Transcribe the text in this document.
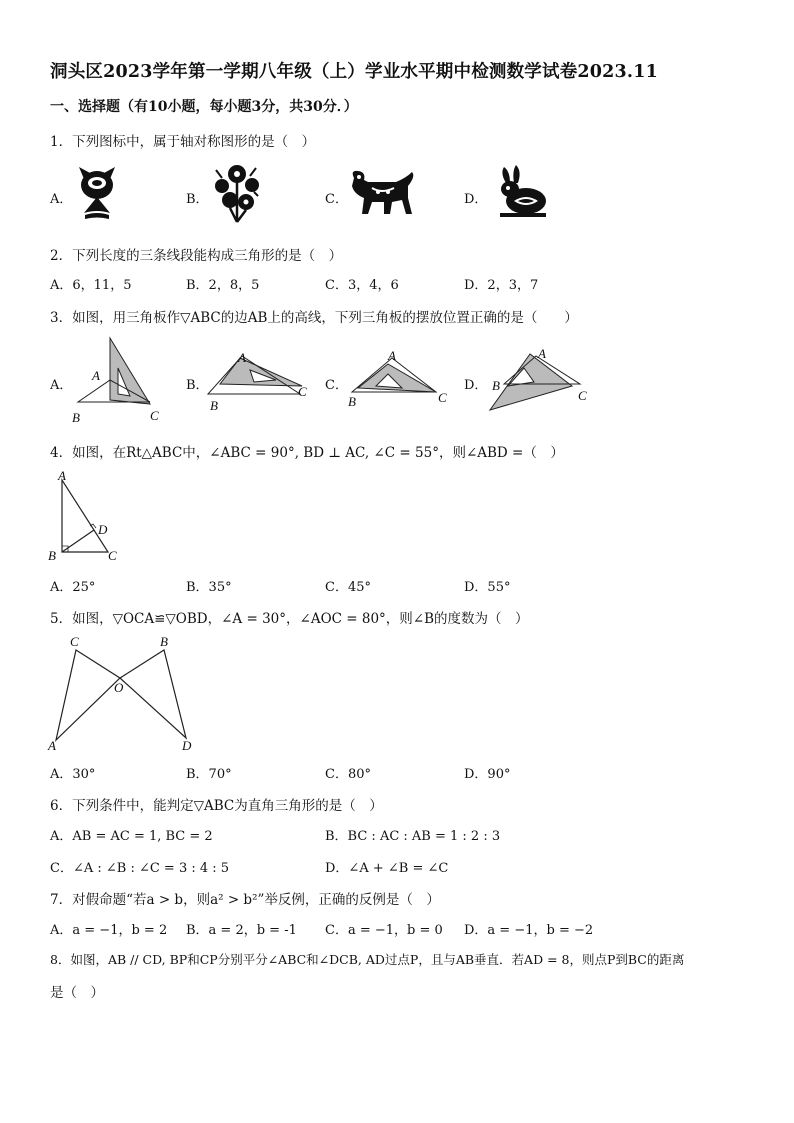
洞头区2023学年第一学期八年级（上）学业水平期中检测数学试卷2023.11
一、选择题（有10小题，每小题3分，共30分．）
1．下列图标中，属于轴对称图形的是（　）
A．	B．	C．	D．
2．下列长度的三条线段能构成三角形的是（　）
A．6，11，5	B．2，8，5	C．3，4，6	D．2，3，7
3．如图，用三角板作▽ABC的边AB上的高线，下列三角板的摆放位置正确的是（　　）
A．	B．	C．	D．
A
B	C
A
B
C
A
B	C
A
B
C
4．如图，在Rt△ABC中，∠ABC = 90°, BD ⊥ AC, ∠C = 55°，则∠ABD =（　）
A
D
B	C
A．25°	B．35°	C．45°	D．55°
5．如图，▽OCA≌▽OBD，∠A = 30°，∠AOC = 80°，则∠B的度数为（　）
C	B
O
A	D
A．30°	B．70°	C．80°	D．90°
6．下列条件中，能判定▽ABC为直角三角形的是（　）
A．AB = AC = 1, BC = 2	B．BC : AC : AB = 1 : 2 : 3
C．∠A : ∠B : ∠C = 3 : 4 : 5	D．∠A + ∠B = ∠C
7．对假命题“若a > b，则a² > b²”举反例，正确的反例是（　）
A．a = −1，b = 2 B．a = 2，b = -1 C．a = −1，b = 0 D．a = −1，b = −2
8．如图，AB // CD, BP和CP分别平分∠ABC和∠DCB, AD过点P，且与AB垂直．若AD = 8，则点P到BC的距离
是（　）
